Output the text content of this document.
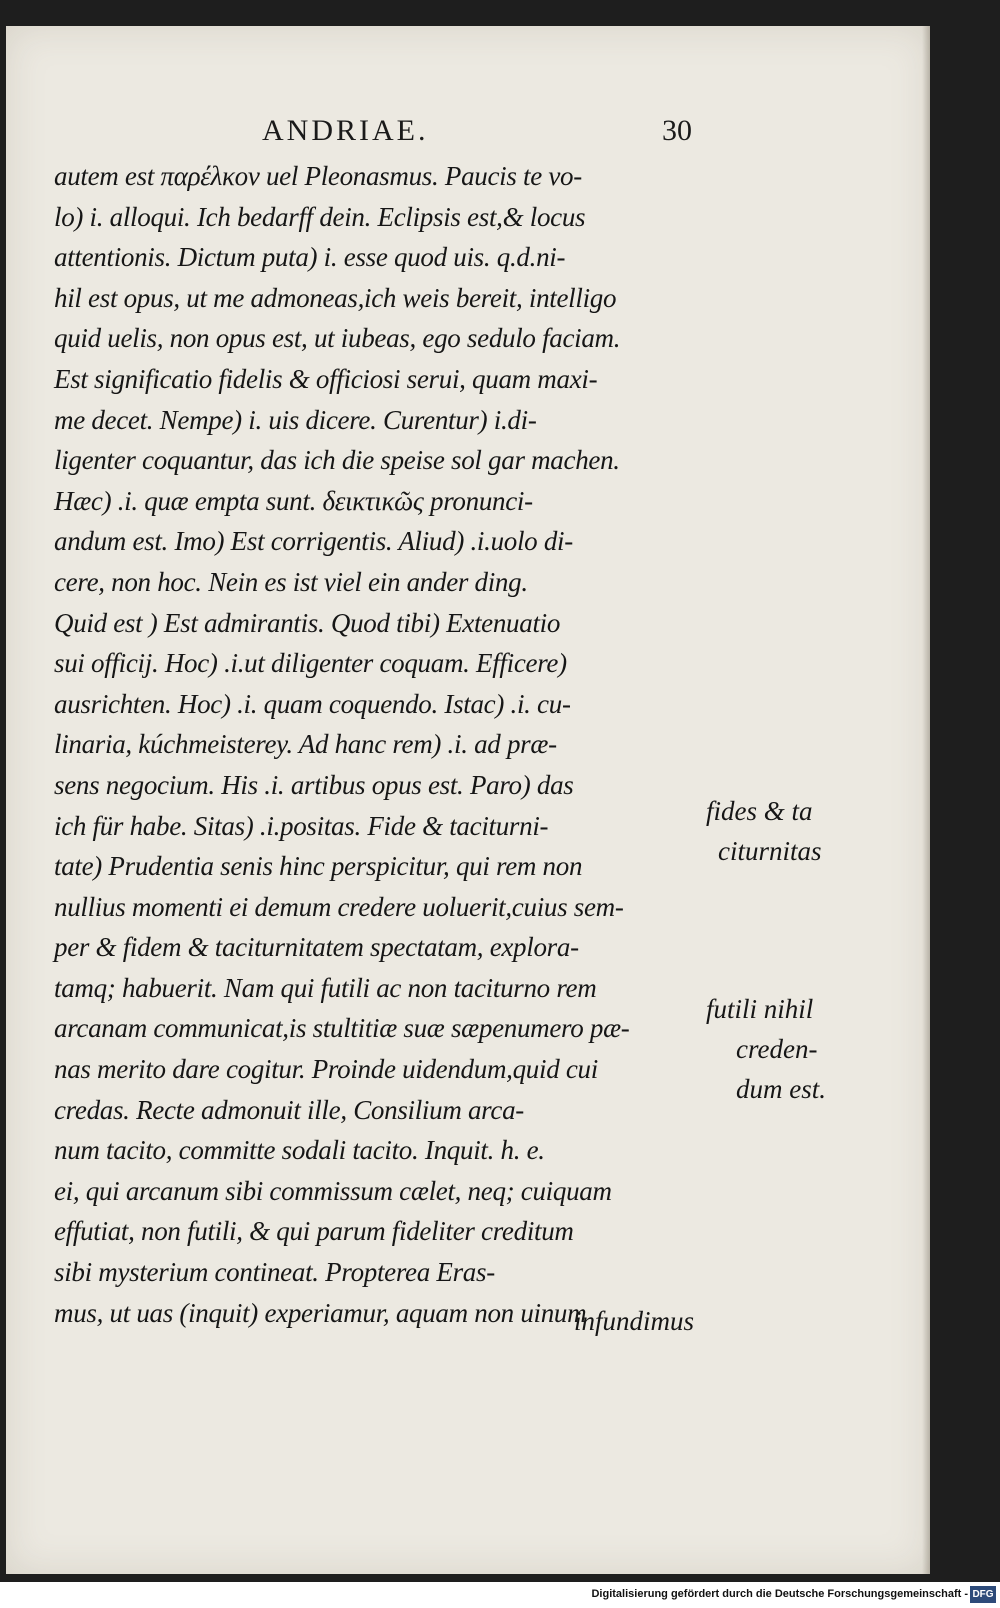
ANDRIAE.	30
autem est παρέλκον uel Pleonasmus. Paucis te vo-
lo) i. alloqui. Ich bedarff dein. Eclipsis est,& locus
attentionis. Dictum puta) i. esse quod uis. q.d.ni-
hil est opus, ut me admoneas,ich weis bereit, intelligo
quid uelis, non opus est, ut iubeas, ego sedulo faciam.
Est significatio fidelis & officiosi serui, quam maxi-
me decet. Nempe) i. uis dicere. Curentur) i.di-
ligenter coquantur, das ich die speise sol gar machen.
Hæc) .i. quæ empta sunt. δεικτικῶς pronunci-
andum est. Imo) Est corrigentis. Aliud) .i.uolo di-
cere, non hoc. Nein es ist viel ein ander ding.
Quid est ) Est admirantis. Quod tibi) Extenuatio
sui officij. Hoc) .i.ut diligenter coquam. Efficere)
ausrichten. Hoc) .i. quam coquendo. Istac) .i. cu-
linaria, kúchmeisterey. Ad hanc rem) .i. ad præ-
sens negocium. His .i. artibus opus est. Paro) das
ich für habe. Sitas) .i.positas. Fide & taciturni-
tate) Prudentia senis hinc perspicitur, qui rem non
nullius momenti ei demum credere uoluerit,cuius sem-
per & fidem & taciturnitatem spectatam, explora-
tamq; habuerit. Nam qui futili ac non taciturno rem
arcanam communicat,is stultitiæ suæ sæpenumero pæ-
nas merito dare cogitur. Proinde uidendum,quid cui
credas. Recte admonuit ille, Consilium arca-
num tacito, committe sodali tacito. Inquit. h. e.
ei, qui arcanum sibi commissum cælet, neq; cuiquam
effutiat, non futili, & qui parum fideliter creditum
sibi mysterium contineat. Propterea Eras-
mus, ut uas (inquit) experiamur, aquam non uinum
infundimus
fides & ta
citurnitas
futili nihil
creden-
dum est.
Digitalisierung gefördert durch die Deutsche Forschungsgemeinschaft - DFG
